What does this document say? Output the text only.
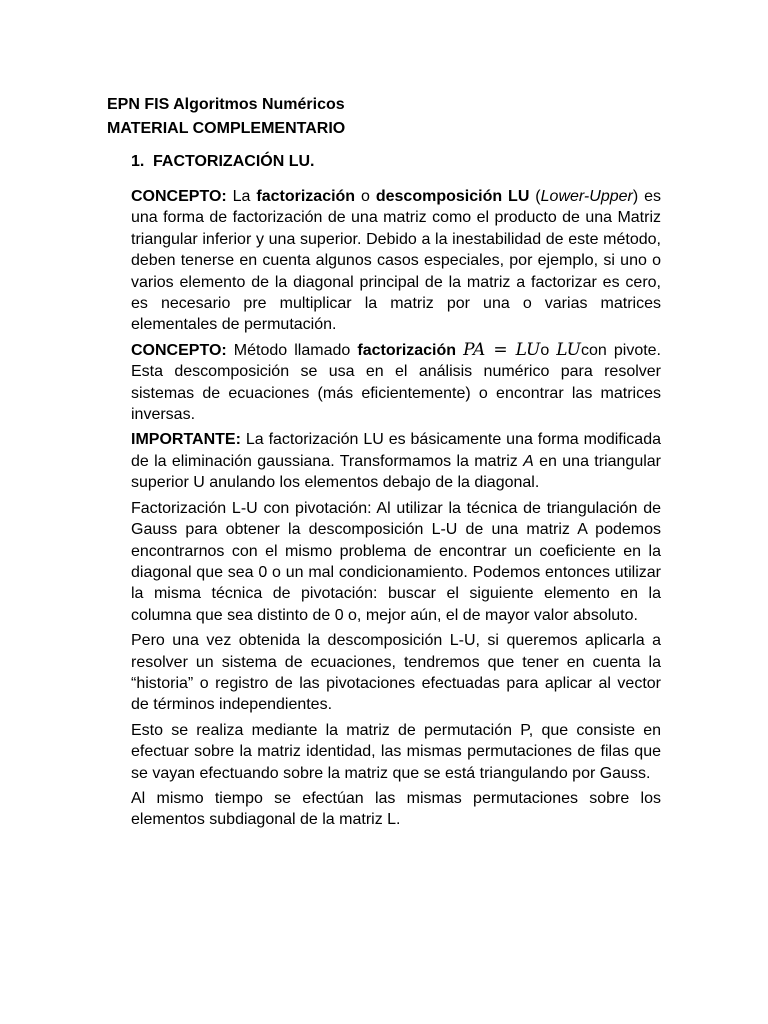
EPN FIS Algoritmos Numéricos
MATERIAL COMPLEMENTARIO
1. FACTORIZACIÓN LU.

CONCEPTO: La factorización o descomposición LU (Lower-Upper) es una forma de factorización de una matriz como el producto de una Matriz triangular inferior y una superior. Debido a la inestabilidad de este método, deben tenerse en cuenta algunos casos especiales, por ejemplo, si uno o varios elemento de la diagonal principal de la matriz a factorizar es cero, es necesario pre multiplicar la matriz por una o varias matrices elementales de permutación.

CONCEPTO: Método llamado factorización PA = LUo LUcon pivote. Esta descomposición se usa en el análisis numérico para resolver sistemas de ecuaciones (más eficientemente) o encontrar las matrices inversas.

IMPORTANTE: La factorización LU es básicamente una forma modificada de la eliminación gaussiana. Transformamos la matriz A en una triangular superior U anulando los elementos debajo de la diagonal.

Factorización L-U con pivotación: Al utilizar la técnica de triangulación de Gauss para obtener la descomposición L-U de una matriz A podemos encontrarnos con el mismo problema de encontrar un coeficiente en la diagonal que sea 0 o un mal condicionamiento. Podemos entonces utilizar la misma técnica de pivotación: buscar el siguiente elemento en la columna que sea distinto de 0 o, mejor aún, el de mayor valor absoluto.

Pero una vez obtenida la descomposición L-U, si queremos aplicarla a resolver un sistema de ecuaciones, tendremos que tener en cuenta la “historia” o registro de las pivotaciones efectuadas para aplicar al vector de términos independientes.

Esto se realiza mediante la matriz de permutación P, que consiste en efectuar sobre la matriz identidad, las mismas permutaciones de filas que se vayan efectuando sobre la matriz que se está triangulando por Gauss.

Al mismo tiempo se efectúan las mismas permutaciones sobre los elementos subdiagonal de la matriz L.
